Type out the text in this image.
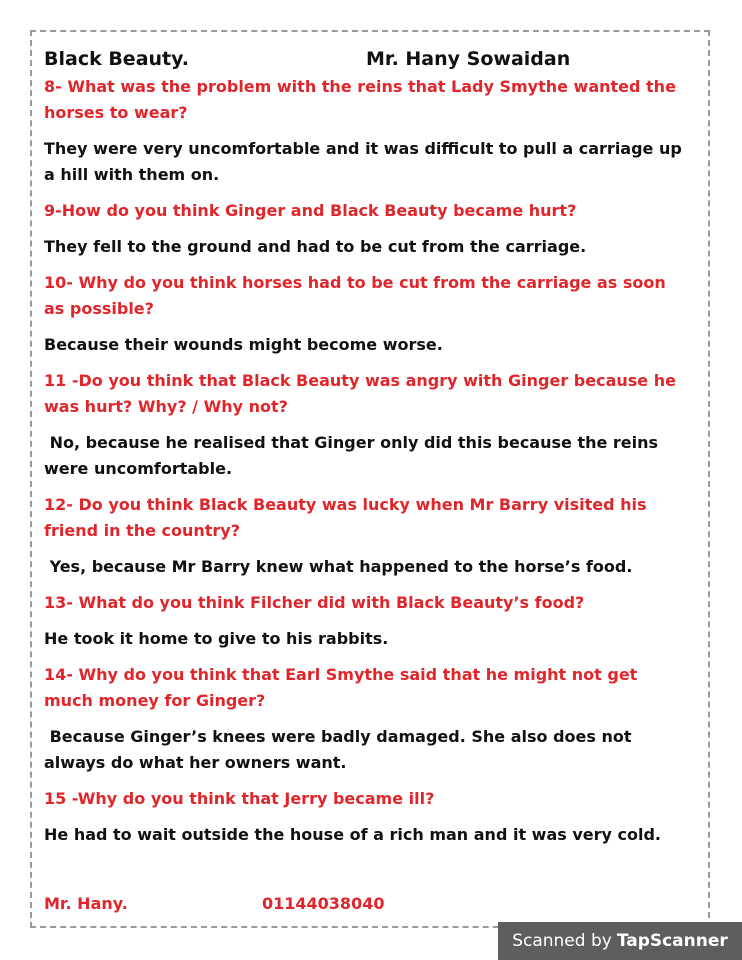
Black Beauty.	Mr. Hany Sowaidan
8- What was the problem with the reins that Lady Smythe wanted the
horses to wear?
They were very uncomfortable and it was difficult to pull a carriage up
a hill with them on.
9-How do you think Ginger and Black Beauty became hurt?
They fell to the ground and had to be cut from the carriage.
10- Why do you think horses had to be cut from the carriage as soon
as possible?
Because their wounds might become worse.
11 -Do you think that Black Beauty was angry with Ginger because he
was hurt? Why? / Why not?
No, because he realised that Ginger only did this because the reins
were uncomfortable.
12- Do you think Black Beauty was lucky when Mr Barry visited his
friend in the country?
Yes, because Mr Barry knew what happened to the horse’s food.
13- What do you think Filcher did with Black Beauty’s food?
He took it home to give to his rabbits.
14- Why do you think that Earl Smythe said that he might not get
much money for Ginger?
Because Ginger’s knees were badly damaged. She also does not
always do what her owners want.
15 -Why do you think that Jerry became ill?
He had to wait outside the house of a rich man and it was very cold.
Mr. Hany.	01144038040
Scanned by TapScanner
